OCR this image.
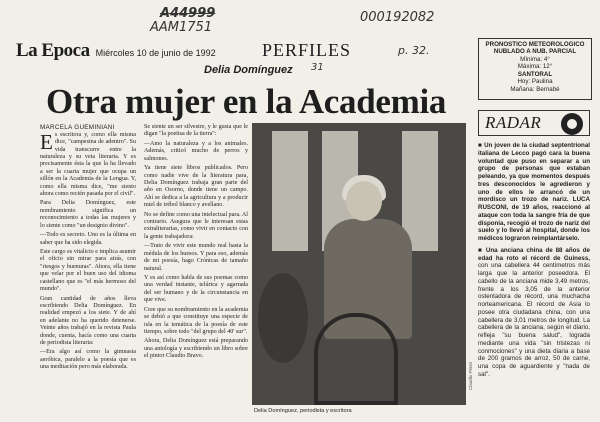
A44999
AAM1751
000192082
p. 32.
31
La Epoca Miércoles 10 de junio de 1992	PERFILES
Delia Domínguez
PRONOSTICO METEOROLOGICO
NUBLADO A NUB. PARCIAL
Mínima: 4°
Máxima: 12°
SANTORAL
Hoy: Paulina
Mañana: Bernabé
Otra mujer en la Academia
MARCELA GUEMINIANI
E s escritora y, como ella misma dice, "campesina de adentro". Su vida transcurre entre la naturaleza y su veta literaria. Y es precisamente ésta la que la ha llevado a ser la cuarta mujer que ocupa un sillón en la Academia de la Lengua. Y, como ella misma dice, "me siento ahora como recién pasada por el civil".

Para Delia Domínguez, este nombramiento significa un reconocimiento a todas las mujeres y lo siente como "un designio divino".

—Todo es secreto. Uno es la última en saber que ha sido elegida.

Este cargo es vitalicio e implica asumir el oficio sin mirar para atrás, con "riesgos y buenuras". Ahora, ella tiene que velar por el buen uso del idioma castellano que es "el más hermoso del mundo".

Gran cantidad de años lleva escribiendo Delia Domínguez. En realidad empezó a los siete. Y de ahí en adelante no ha querido detenerse. Veinte años trabajó en la revista Paula donde, cuenta, hacía como una cuarta de periodista literaria:

—Era algo así como la gimnasia aeróbica, paralelo a la poesía que es una meditación pero más elaborada.

Se siente un ser silvestre, y le gusta que le digan "la poetisa de la tierra":

—Amo la naturaleza y a los animales. Además, criticó mucho de perros y salmones.

Ya tiene siete libros publicados. Pero como nadie vive de la literatura para, Delia Domínguez trabaja gran parte del año en Osorno, donde tiene un campo. Ahí se dedica a la agricultura y a producir miel de trébol blanco y avellano.

No se define como una intelectual para. Al contrario. Asegura que le interesan estas extraliterarias, como vivir en contacto con la gente trabajadora:

—Trato de vivir este mundo real hasta la médula de los huesos. Y para eso, además de mi poesía, hago Crónicas de tamaño natural.

Y es así como habla de sus poemas como una verdad instante, telúrica y agarrada del ser humano y de la circunstancia en que vive.

Cree que su nombramiento en la academia se debió a que constituye una especie de isla en la temática de la poesía de este tiempo, sobre todo "del grupo del 40' sur".

Ahora, Delia Domínguez está preparando una antología y escribiendo un libro sobre el pintor Claudio Bravo.

Claudio Pérez
Delia Domínguez, periodista y escritora
RADAR

■ Un joven de la ciudad septentrional italiana de Lecco pagó cara la buena voluntad que puso en separar a un grupo de personas que estaban peleando, ya que momentos después tres desconocidos le agredieron y uno de ellos le arrancó de un mordisco un trozo de nariz. LUCA RUSCONI, de 19 años, reaccionó al ataque con toda la sangre fría de que disponía, recogió el trozo de nariz del suelo y lo llevó al hospital, donde los médicos lograron reimplantárselo.

■ Una anciana china de 88 años de edad ha roto el récord de Guiness, con una cabellera 44 centímetros más larga que la anterior poseedora. El cabello de la anciana mide 3,49 metros, frente a los 3,05 de la anterior ostentadora de récord, una muchacha norteamericana. El récord de Asia lo posee otra ciudadana china, con una cabellera de 3,01 metros de longitud. La cabellera de la anciana, según el diario, refleja "su buena salud", lograda mediante una vida "sin tristezas ni conmociones" y una dieta diaria a base de 200 gramos de arroz, 50 de carne, una copa de aguardiente y "nada de sal".
